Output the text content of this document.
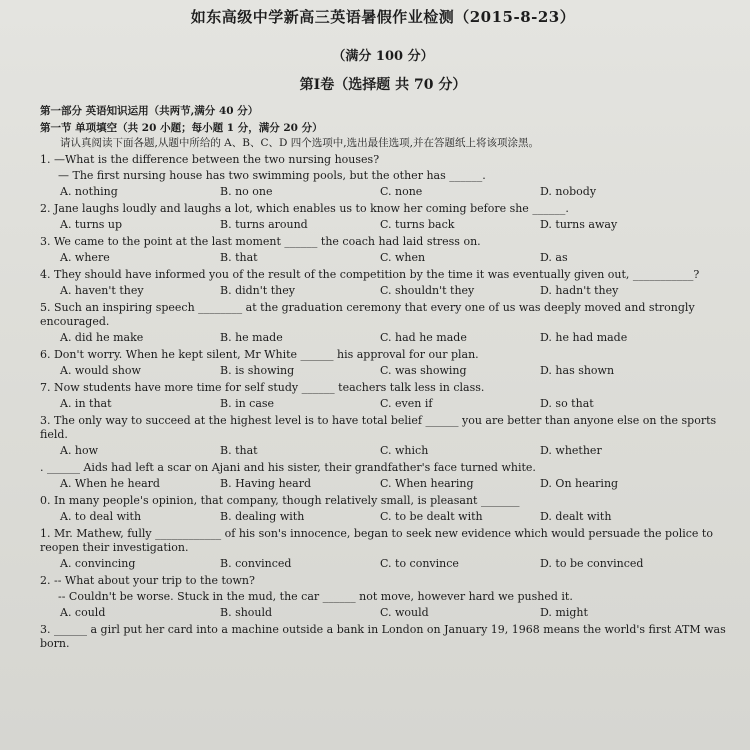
如东高级中学新高三英语暑假作业检测（2015-8-23）
（满分 100 分）
第Ⅰ卷（选择题 共 70 分）
第一部分 英语知识运用（共两节,满分 40 分）
第一节 单项填空（共 20 小题；每小题 1 分，满分 20 分）
请认真阅读下面各题,从题中所给的 A、B、C、D 四个选项中,选出最佳选项,并在答题纸上将该项涂黑。
1. —What is the difference between the two nursing houses?
— The first nursing house has two swimming pools, but the other has ______.
A. nothing	B. no one	C. none	D. nobody
2. Jane laughs loudly and laughs a lot, which enables us to know her coming before she ______.
A. turns up	B. turns around	C. turns back	D. turns away
3. We came to the point at the last moment ______ the coach had laid stress on.
A. where	B. that	C. when	D. as
4. They should have informed you of the result of the competition by the time it was eventually given out, ___________?
A. haven't they	B. didn't they	C. shouldn't they	D. hadn't they
5. Such an inspiring speech ________ at the graduation ceremony that every one of us was deeply moved and strongly encouraged.
A. did he make	B. he made	C. had he made	D. he had made
6. Don't worry. When he kept silent, Mr White ______ his approval for our plan.
A. would show	B. is showing	C. was showing	D. has shown
7. Now students have more time for self study ______ teachers talk less in class.
A. in that	B. in case	C. even if	D. so that
3. The only way to succeed at the highest level is to have total belief ______ you are better than anyone else on the sports field.
A. how	B. that	C. which	D. whether
. ______ Aids had left a scar on Ajani and his sister, their grandfather's face turned white.
A. When he heard	B. Having heard	C. When hearing	D. On hearing
0. In many people's opinion, that company, though relatively small, is pleasant _______
A. to deal with	B. dealing with	C. to be dealt with	D. dealt with
1. Mr. Mathew, fully ____________ of his son's innocence, began to seek new evidence which would persuade the police to reopen their investigation.
A. convincing	B. convinced	C. to convince	D. to be convinced
2. -- What about your trip to the town?
-- Couldn't be worse. Stuck in the mud, the car ______ not move, however hard we pushed it.
A. could	B. should	C. would	D. might
3. ______ a girl put her card into a machine outside a bank in London on January 19, 1968 means the world's first ATM was born.
